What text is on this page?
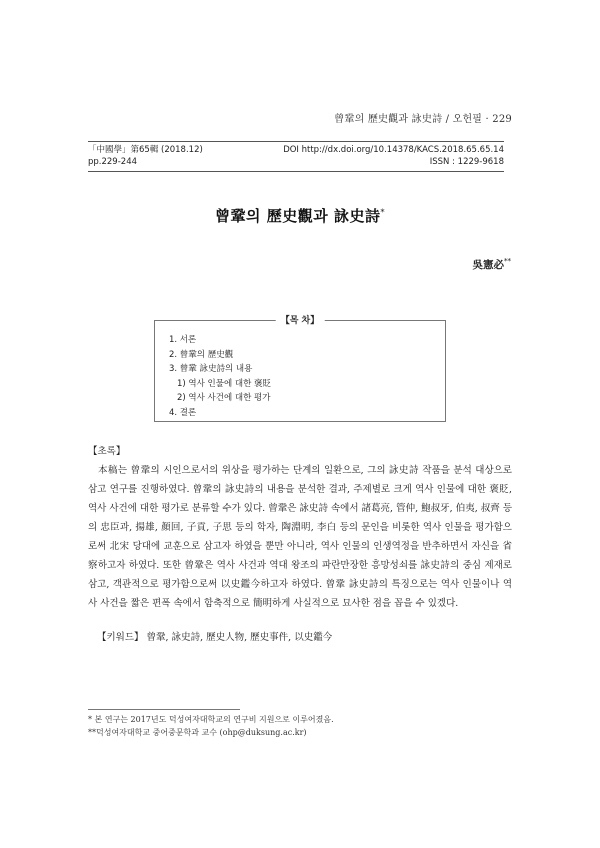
曾鞏의 歷史觀과 詠史詩 / 오헌필 · 229
「中國學」第65輯 (2018.12)	DOI http://dx.doi.org/10.14378/KACS.2018.65.65.14
pp.229-244	ISSN : 1229-9618
曾鞏의 歷史觀과 詠史詩*
吳憲必**
【목 차】
1. 서론
2. 曾鞏의 歷史觀
3. 曾鞏 詠史詩의 내용
1) 역사 인물에 대한 褒貶
2) 역사 사건에 대한 평가
4. 결론
【초록】

本稿는 曾鞏의 시인으로서의 위상을 평가하는 단계의 일환으로, 그의 詠史詩 작품을 분석 대상으로 삼고 연구를 진행하였다. 曾鞏의 詠史詩의 내용을 분석한 결과, 주제별로 크게 역사 인물에 대한 褒貶, 역사 사건에 대한 평가로 분류할 수가 있다. 曾鞏은 詠史詩 속에서 諸葛亮, 管仲, 鮑叔牙, 伯夷, 叔齊 등의 忠臣과, 揚雄, 顏回, 子貢, 子思 등의 학자, 陶淵明, 李白 등의 문인을 비롯한 역사 인물을 평가함으로써 北宋 당대에 교훈으로 삼고자 하였을 뿐만 아니라, 역사 인물의 인생역정을 반추하면서 자신을 省察하고자 하였다. 또한 曾鞏은 역사 사건과 역대 왕조의 파란만장한 흥망성쇠를 詠史詩의 중심 제재로 삼고, 객관적으로 평가함으로써 以史鑑今하고자 하였다. 曾鞏 詠史詩의 특징으로는 역사 인물이나 역사 사건을 짧은 편폭 속에서 함축적으로 簡明하게 사실적으로 묘사한 점을 꼽을 수 있겠다.

【키워드】 曾鞏, 詠史詩, 歷史人物, 歷史事件, 以史鑑今
* 본 연구는 2017년도 덕성여자대학교의 연구비 지원으로 이루어졌음.
**덕성여자대학교 중어중문학과 교수 (ohp@duksung.ac.kr)
